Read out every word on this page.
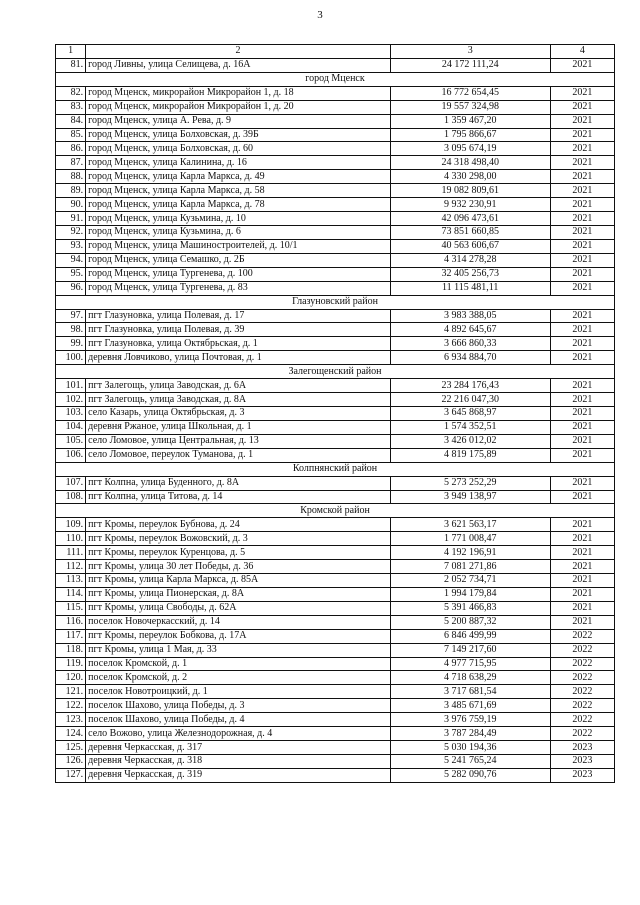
3
1	2	3	4
81.	город Ливны, улица Селищева, д. 16А	24 172 111,24	2021
город Мценск			
82.	город Мценск, микрорайон Микрорайон 1, д. 18	16 772 654,45	2021
83.	город Мценск, микрорайон Микрорайон 1, д. 20	19 557 324,98	2021
84.	город Мценск, улица А. Рева, д. 9	1 359 467,20	2021
85.	город Мценск, улица Болховская, д. 39Б	1 795 866,67	2021
86.	город Мценск, улица Болховская, д. 60	3 095 674,19	2021
87.	город Мценск, улица Калинина, д. 16	24 318 498,40	2021
88.	город Мценск, улица Карла Маркса, д. 49	4 330 298,00	2021
89.	город Мценск, улица Карла Маркса, д. 58	19 082 809,61	2021
90.	город Мценск, улица Карла Маркса, д. 78	9 932 230,91	2021
91.	город Мценск, улица Кузьмина, д. 10	42 096 473,61	2021
92.	город Мценск, улица Кузьмина, д. 6	73 851 660,85	2021
93.	город Мценск, улица Машиностроителей, д. 10/1	40 563 606,67	2021
94.	город Мценск, улица Семашко, д. 2Б	4 314 278,28	2021
95.	город Мценск, улица Тургенева, д. 100	32 405 256,73	2021
96.	город Мценск, улица Тургенева, д. 83	11 115 481,11	2021
Глазуновский район			
97.	пгт Глазуновка, улица Полевая, д. 17	3 983 388,05	2021
98.	пгт Глазуновка, улица Полевая, д. 39	4 892 645,67	2021
99.	пгт Глазуновка, улица Октябрьская, д. 1	3 666 860,33	2021
100.	деревня Ловчиково, улица Почтовая, д. 1	6 934 884,70	2021
Залегощенский район			
101.	пгт Залегощь, улица Заводская, д. 6А	23 284 176,43	2021
102.	пгт Залегощь, улица Заводская, д. 8А	22 216 047,30	2021
103.	село Казарь, улица Октябрьская, д. 3	3 645 868,97	2021
104.	деревня Ржаное, улица Школьная, д. 1	1 574 352,51	2021
105.	село Ломовое, улица Центральная, д. 13	3 426 012,02	2021
106.	село Ломовое, переулок Туманова, д. 1	4 819 175,89	2021
Колпнянский район			
107.	пгт Колпна, улица Буденного, д. 8А	5 273 252,29	2021
108.	пгт Колпна, улица Титова, д. 14	3 949 138,97	2021
Кромской район			
109.	пгт Кромы, переулок Бубнова, д. 24	3 621 563,17	2021
110.	пгт Кромы, переулок Вожовский, д. 3	1 771 008,47	2021
111.	пгт Кромы, переулок Куренцова, д. 5	4 192 196,91	2021
112.	пгт Кромы, улица 30 лет Победы, д. 36	7 081 271,86	2021
113.	пгт Кромы, улица Карла Маркса, д. 85А	2 052 734,71	2021
114.	пгт Кромы, улица Пионерская, д. 8А	1 994 179,84	2021
115.	пгт Кромы, улица Свободы, д. 62А	5 391 466,83	2021
116.	поселок Новочеркасский, д. 14	5 200 887,32	2021
117.	пгт Кромы, переулок Бобкова, д. 17А	6 846 499,99	2022
118.	пгт Кромы, улица 1 Мая, д. 33	7 149 217,60	2022
119.	поселок Кромской, д. 1	4 977 715,95	2022
120.	поселок Кромской, д. 2	4 718 638,29	2022
121.	поселок Новотроицкий, д. 1	3 717 681,54	2022
122.	поселок Шахово, улица Победы, д. 3	3 485 671,69	2022
123.	поселок Шахово, улица Победы, д. 4	3 976 759,19	2022
124.	село Вожово, улица Железнодорожная, д. 4	3 787 284,49	2022
125.	деревня Черкасская, д. 317	5 030 194,36	2023
126.	деревня Черкасская, д. 318	5 241 765,24	2023
127.	деревня Черкасская, д. 319	5 282 090,76	2023
